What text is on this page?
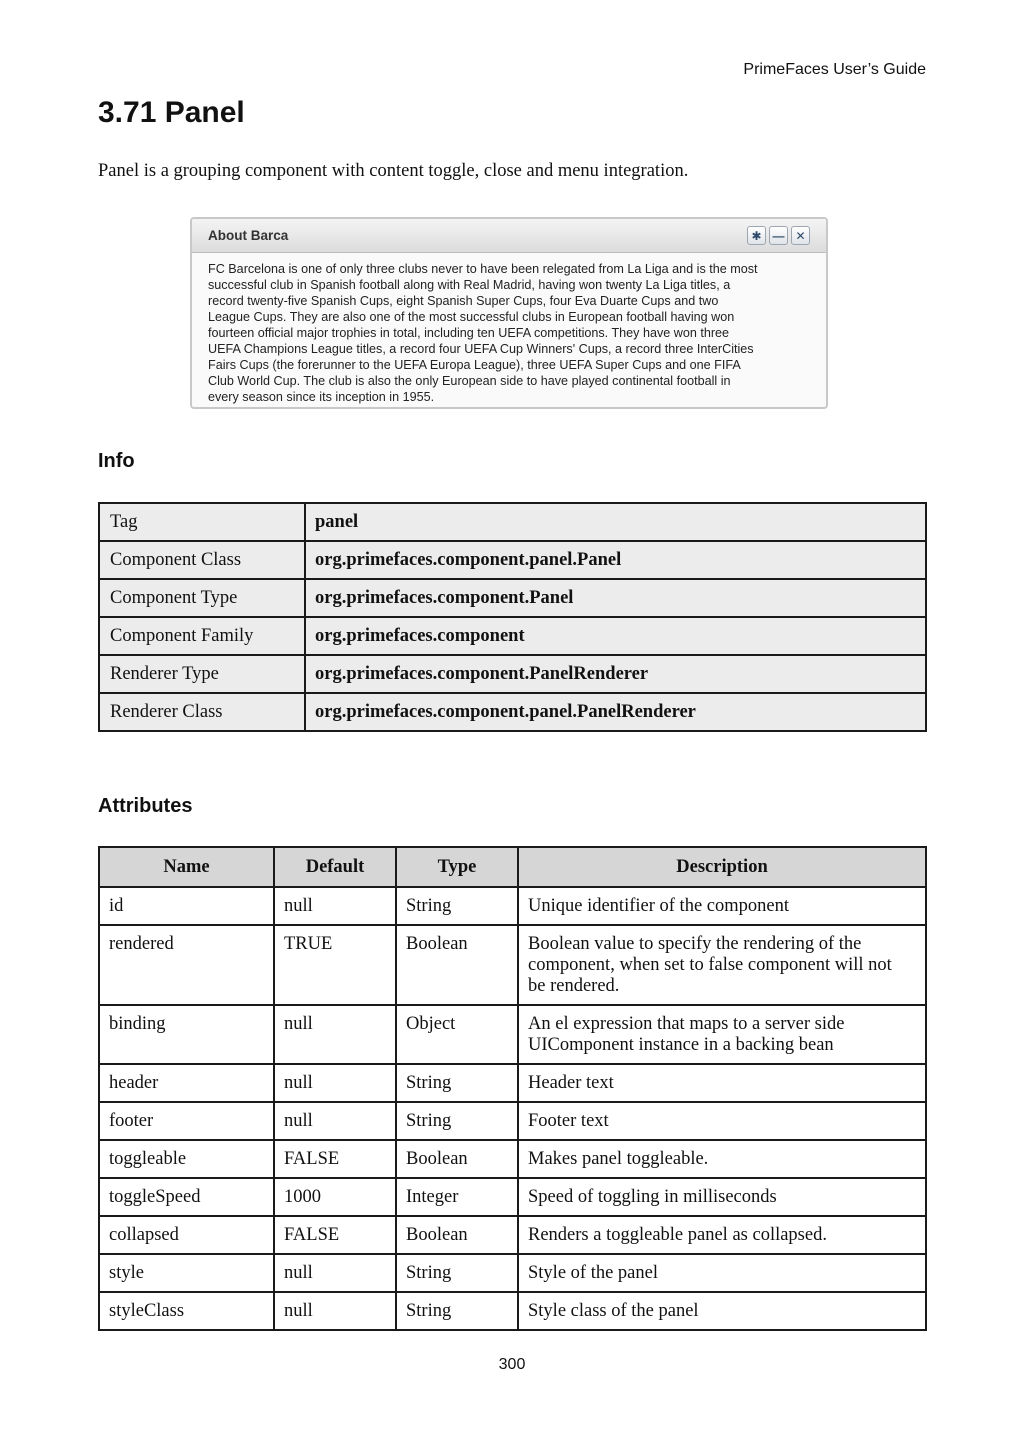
PrimeFaces User’s Guide
3.71 Panel

Panel is a grouping component with content toggle, close and menu integration.

About Barca	✱ — ✕
FC Barcelona is one of only three clubs never to have been relegated from La Liga and is the most
successful club in Spanish football along with Real Madrid, having won twenty La Liga titles, a
record twenty-five Spanish Cups, eight Spanish Super Cups, four Eva Duarte Cups and two
League Cups. They are also one of the most successful clubs in European football having won
fourteen official major trophies in total, including ten UEFA competitions. They have won three
UEFA Champions League titles, a record four UEFA Cup Winners' Cups, a record three InterCities
Fairs Cups (the forerunner to the UEFA Europa League), three UEFA Super Cups and one FIFA
Club World Cup. The club is also the only European side to have played continental football in
every season since its inception in 1955.
Info
Tag	panel
Component Class	org.primefaces.component.panel.Panel
Component Type	org.primefaces.component.Panel
Component Family	org.primefaces.component
Renderer Type	org.primefaces.component.PanelRenderer
Renderer Class	org.primefaces.component.panel.PanelRenderer
Attributes
Name	Default	Type	Description
id	null	String	Unique identifier of the component

rendered	TRUE	Boolean	Boolean value to specify the rendering of the
component, when set to false component will not
be rendered.

binding	null	Object	An el expression that maps to a server side
UIComponent instance in a backing bean

header	null	String	Header text

footer	null	String	Footer text

toggleable	FALSE	Boolean	Makes panel toggleable.

toggleSpeed	1000	Integer	Speed of toggling in milliseconds

collapsed	FALSE	Boolean	Renders a toggleable panel as collapsed.

style	null	String	Style of the panel

styleClass	null	String	Style class of the panel
300
